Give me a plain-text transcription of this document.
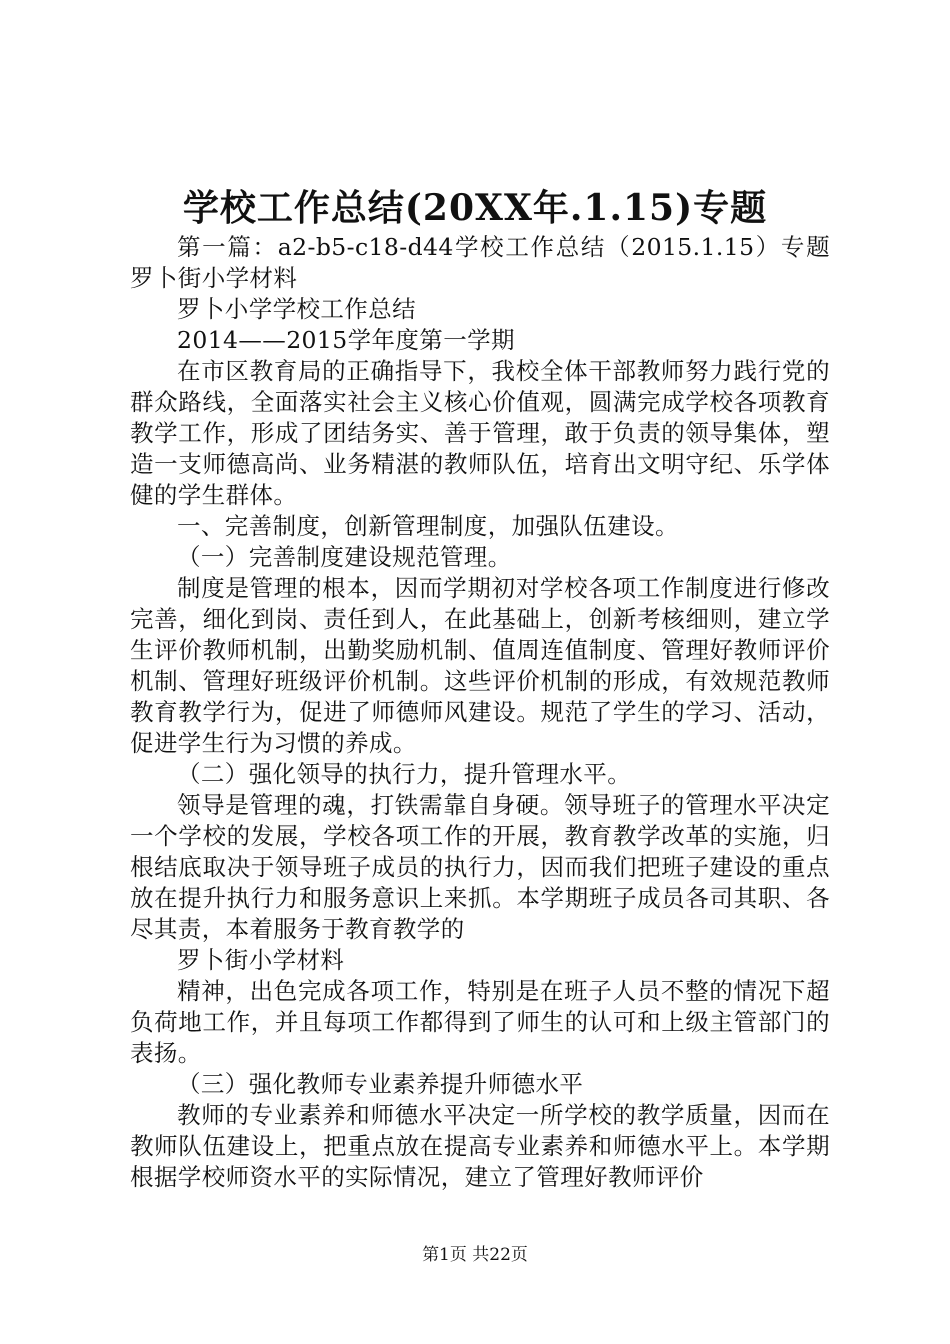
学校工作总结(20XX年.1.15)专题

第一篇：a2-b5-c18-d44学校工作总结（2015.1.15）专题罗卜街小学材料

罗卜小学学校工作总结

2014——2015学年度第一学期

在市区教育局的正确指导下，我校全体干部教师努力践行党的群众路线，全面落实社会主义核心价值观，圆满完成学校各项教育教学工作，形成了团结务实、善于管理，敢于负责的领导集体，塑造一支师德高尚、业务精湛的教师队伍，培育出文明守纪、乐学体健的学生群体。

一、完善制度，创新管理制度，加强队伍建设。

（一）完善制度建设规范管理。

制度是管理的根本，因而学期初对学校各项工作制度进行修改完善，细化到岗、责任到人，在此基础上，创新考核细则，建立学生评价教师机制，出勤奖励机制、值周连值制度、管理好教师评价机制、管理好班级评价机制。这些评价机制的形成，有效规范教师教育教学行为，促进了师德师风建设。规范了学生的学习、活动，促进学生行为习惯的养成。

（二）强化领导的执行力，提升管理水平。

领导是管理的魂，打铁需靠自身硬。领导班子的管理水平决定一个学校的发展，学校各项工作的开展，教育教学改革的实施，归根结底取决于领导班子成员的执行力，因而我们把班子建设的重点放在提升执行力和服务意识上来抓。本学期班子成员各司其职、各尽其责，本着服务于教育教学的

罗卜街小学材料

精神，出色完成各项工作，特别是在班子人员不整的情况下超负荷地工作，并且每项工作都得到了师生的认可和上级主管部门的表扬。

（三）强化教师专业素养提升师德水平

教师的专业素养和师德水平决定一所学校的教学质量，因而在教师队伍建设上，把重点放在提高专业素养和师德水平上。本学期根据学校师资水平的实际情况，建立了管理好教师评价

第1页 共22页
